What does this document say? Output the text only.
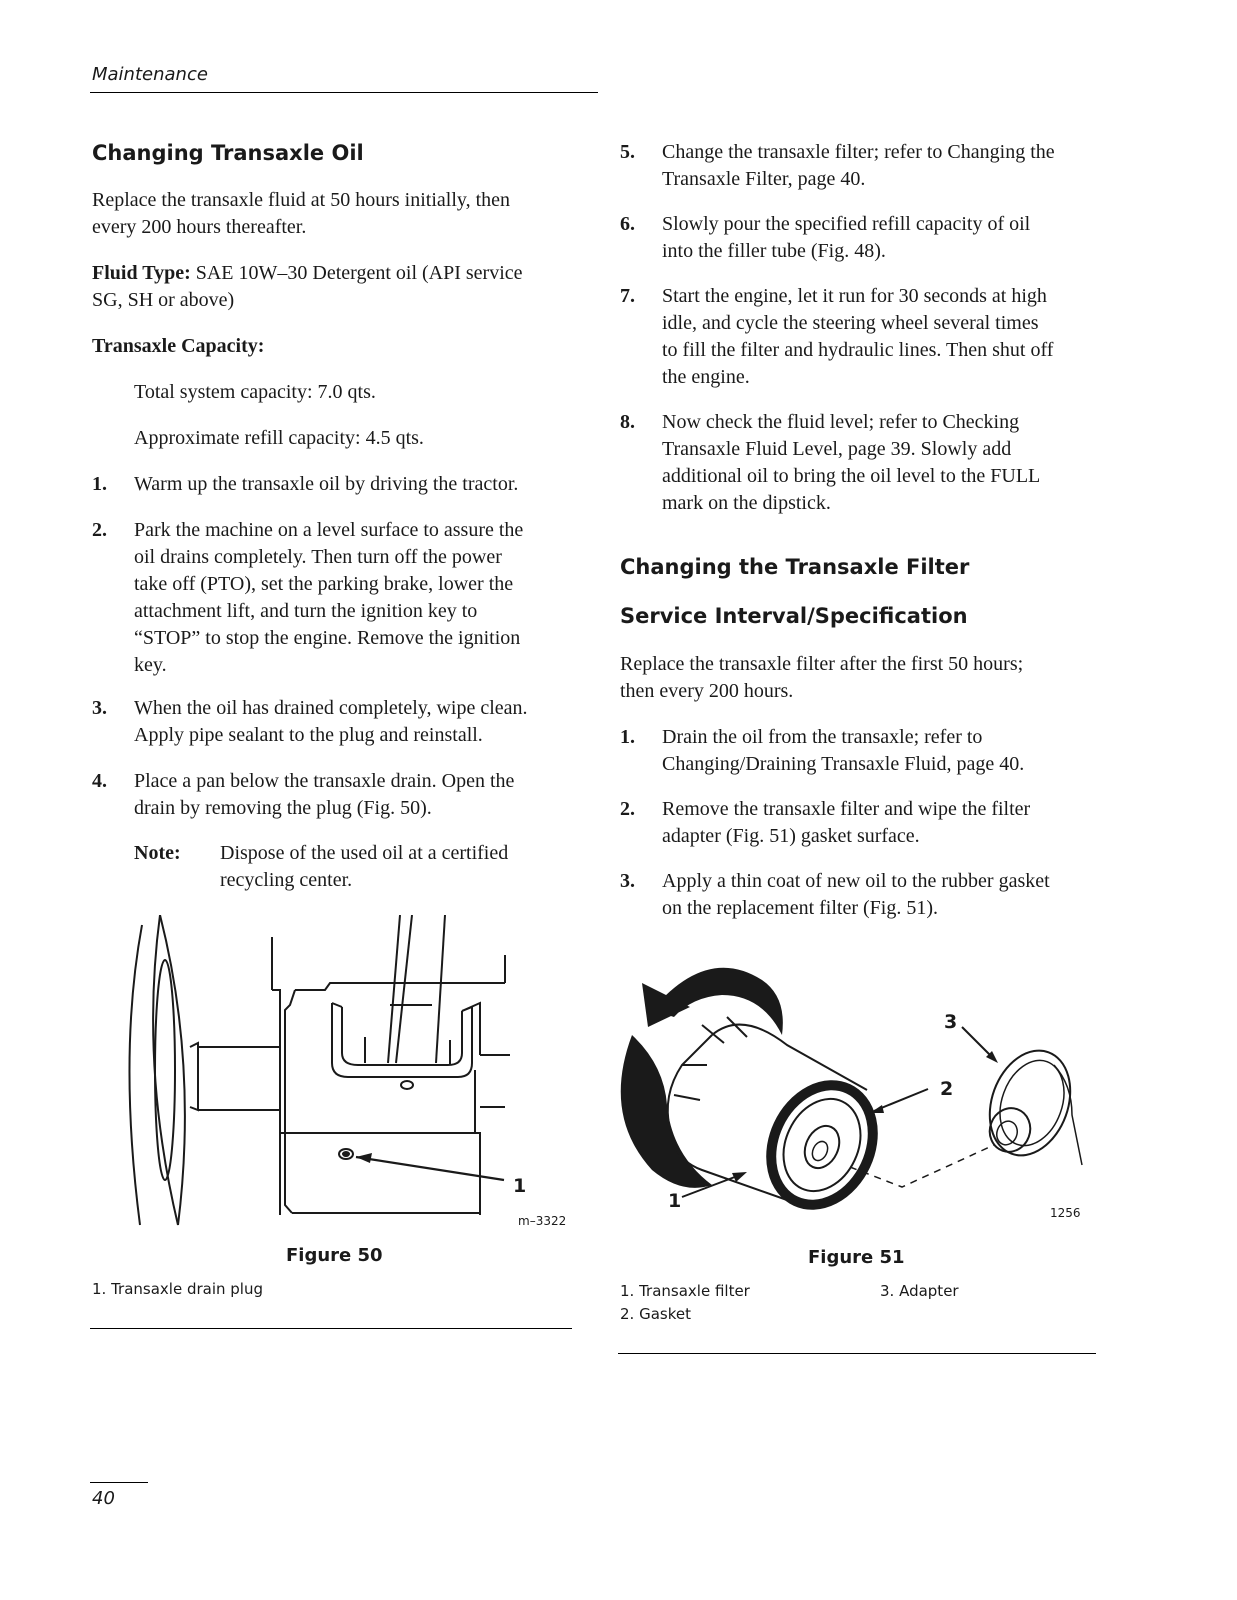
Maintenance
Changing Transaxle Oil
Replace the transaxle fluid at 50 hours initially, then
every 200 hours thereafter.
Fluid Type: SAE 10W–30 Detergent oil (API service
SG, SH or above)
Transaxle Capacity:
Total system capacity: 7.0 qts.
Approximate refill capacity: 4.5 qts.
1. Warm up the transaxle oil by driving the tractor.
2. Park the machine on a level surface to assure the
oil drains completely. Then turn off the power
take off (PTO), set the parking brake, lower the
attachment lift, and turn the ignition key to
“STOP” to stop the engine. Remove the ignition
key.
3. When the oil has drained completely, wipe clean.
Apply pipe sealant to the plug and reinstall.
4. Place a pan below the transaxle drain. Open the
drain by removing the plug (Fig. 50).
Note: Dispose of the used oil at a certified
recycling center.
1
m–3322
Figure 50
1. Transaxle drain plug
5. Change the transaxle filter; refer to Changing the
Transaxle Filter, page 40.
6. Slowly pour the specified refill capacity of oil
into the filler tube (Fig. 48).
7. Start the engine, let it run for 30 seconds at high
idle, and cycle the steering wheel several times
to fill the filter and hydraulic lines. Then shut off
the engine.
8. Now check the fluid level; refer to Checking
Transaxle Fluid Level, page 39. Slowly add
additional oil to bring the oil level to the FULL
mark on the dipstick.
Changing the Transaxle Filter
Service Interval/Specification
Replace the transaxle filter after the first 50 hours;
then every 200 hours.
1. Drain the oil from the transaxle; refer to
Changing/Draining Transaxle Fluid, page 40.
2. Remove the transaxle filter and wipe the filter
adapter (Fig. 51) gasket surface.
3. Apply a thin coat of new oil to the rubber gasket
on the replacement filter (Fig. 51).
1
2
3
1256
Figure 51
1. Transaxle filter
2. Gasket
3. Adapter
40
